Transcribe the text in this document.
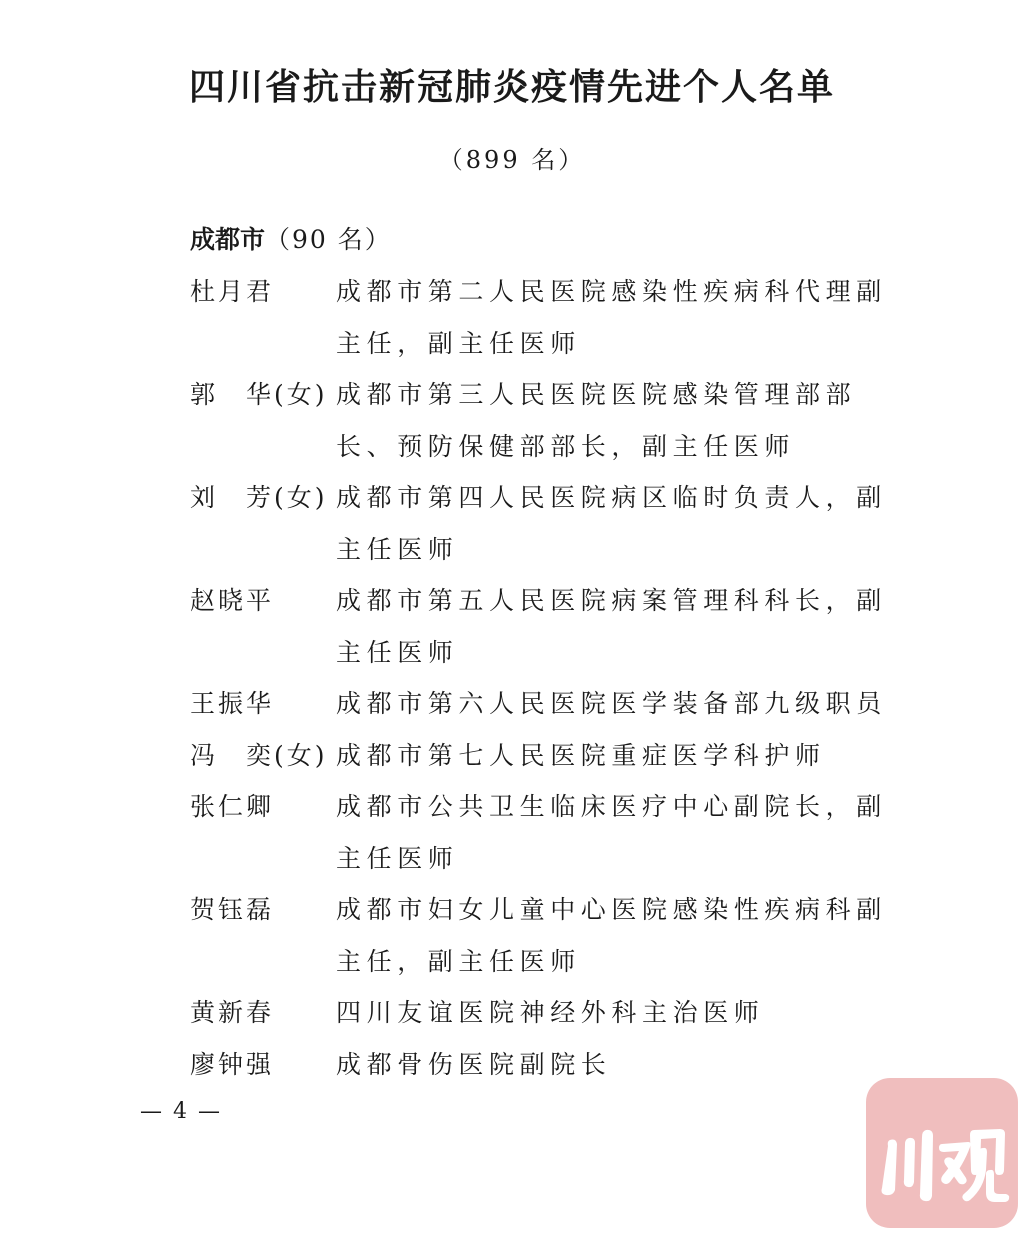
四川省抗击新冠肺炎疫情先进个人名单
（899 名）
成都市（90 名）
杜月君	成都市第二人民医院感染性疾病科代理副主任，副主任医师
郭　华(女) 成都市第三人民医院医院感染管理部部长、预防保健部部长，副主任医师
刘　芳(女) 成都市第四人民医院病区临时负责人，副主任医师
赵晓平	成都市第五人民医院病案管理科科长，副主任医师
王振华	成都市第六人民医院医学装备部九级职员
冯　奕(女) 成都市第七人民医院重症医学科护师
张仁卿	成都市公共卫生临床医疗中心副院长，副主任医师
贺钰磊	成都市妇女儿童中心医院感染性疾病科副主任，副主任医师
黄新春	四川友谊医院神经外科主治医师
廖钟强	成都骨伤医院副院长
— 4 —
